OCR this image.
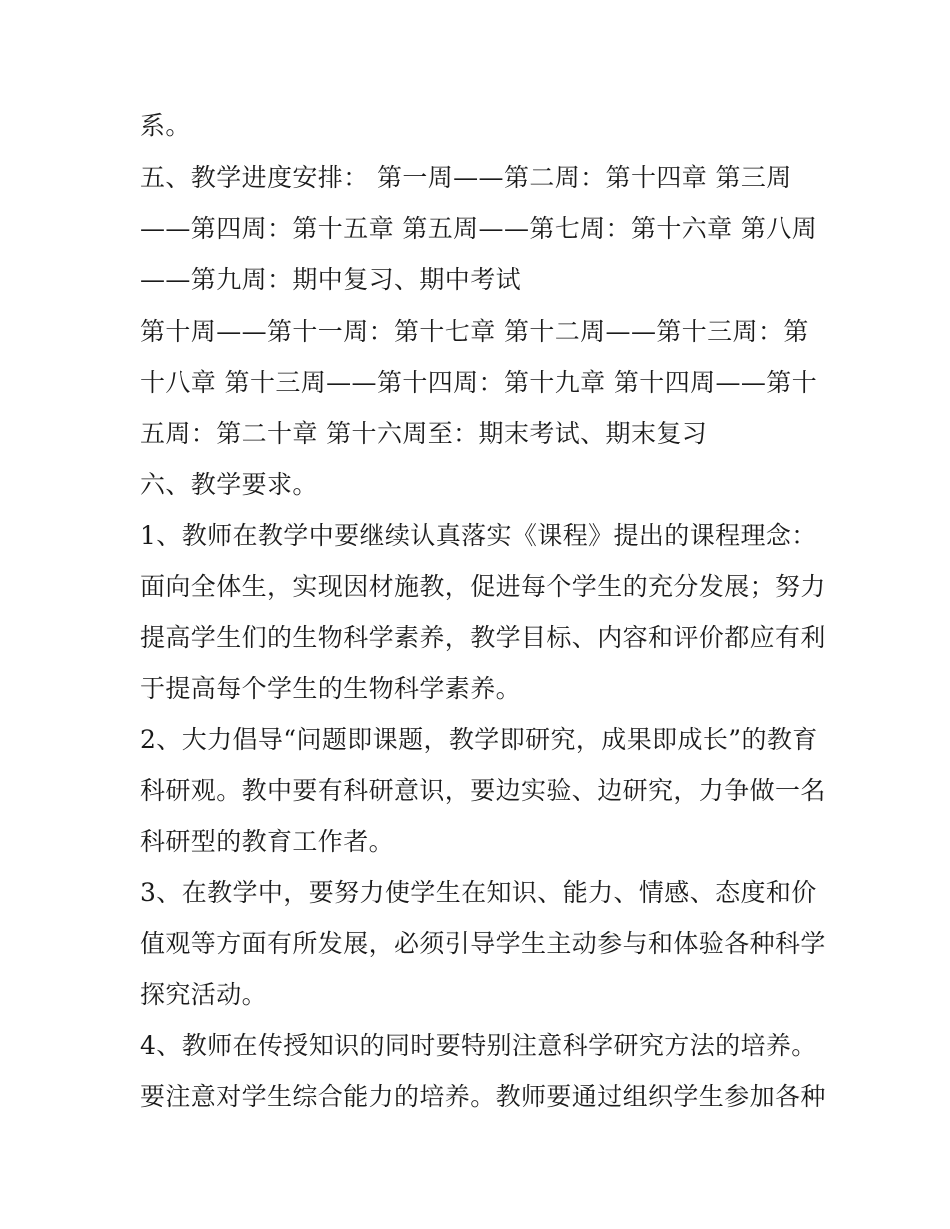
系。
五、教学进度安排： 第一周——第二周：第十四章 第三周
——第四周：第十五章 第五周——第七周：第十六章 第八周
——第九周：期中复习、期中考试
第十周——第十一周：第十七章 第十二周——第十三周：第
十八章 第十三周——第十四周：第十九章 第十四周——第十
五周：第二十章 第十六周至：期末考试、期末复习
六、教学要求。
1、教师在教学中要继续认真落实《课程》提出的课程理念：
面向全体生，实现因材施教，促进每个学生的充分发展；努力
提高学生们的生物科学素养，教学目标、内容和评价都应有利
于提高每个学生的生物科学素养。
2、大力倡导“问题即课题，教学即研究，成果即成长”的教育
科研观。教中要有科研意识，要边实验、边研究，力争做一名
科研型的教育工作者。
3、在教学中，要努力使学生在知识、能力、情感、态度和价
值观等方面有所发展，必须引导学生主动参与和体验各种科学
探究活动。
4、教师在传授知识的同时要特别注意科学研究方法的培养。
要注意对学生综合能力的培养。教师要通过组织学生参加各种
